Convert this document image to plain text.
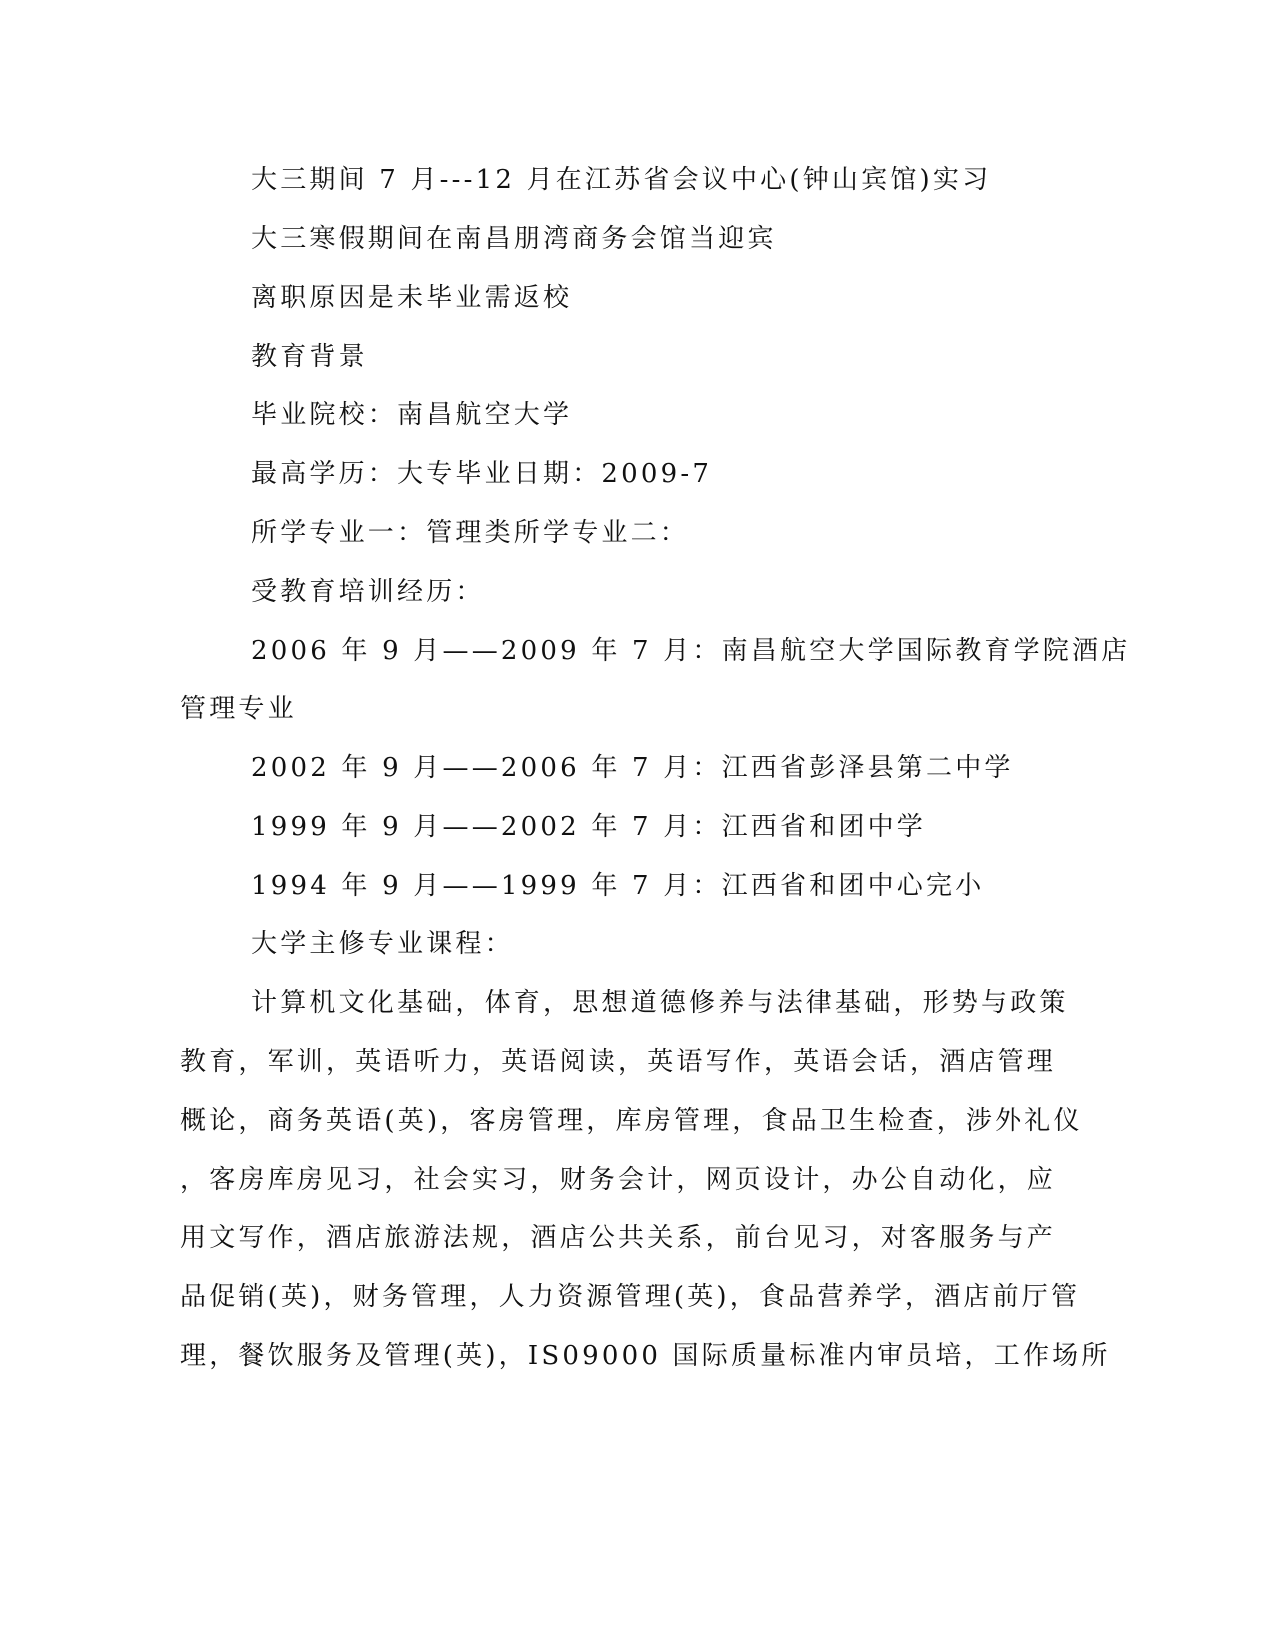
大三期间 7 月---12 月在江苏省会议中心(钟山宾馆)实习
大三寒假期间在南昌朋湾商务会馆当迎宾
离职原因是未毕业需返校
教育背景
毕业院校：南昌航空大学
最高学历：大专毕业日期：2009-7
所学专业一：管理类所学专业二：
受教育培训经历：
2006 年 9 月——2009 年 7 月：南昌航空大学国际教育学院酒店
管理专业
2002 年 9 月——2006 年 7 月：江西省彭泽县第二中学
1999 年 9 月——2002 年 7 月：江西省和团中学
1994 年 9 月——1999 年 7 月：江西省和团中心完小
大学主修专业课程：
计算机文化基础，体育，思想道德修养与法律基础，形势与政策
教育，军训，英语听力，英语阅读，英语写作，英语会话，酒店管理
概论，商务英语(英)，客房管理，库房管理，食品卫生检查，涉外礼仪
，客房库房见习，社会实习，财务会计，网页设计，办公自动化，应
用文写作，酒店旅游法规，酒店公共关系，前台见习，对客服务与产
品促销(英)，财务管理，人力资源管理(英)，食品营养学，酒店前厅管
理，餐饮服务及管理(英)，IS09000 国际质量标准内审员培，工作场所
